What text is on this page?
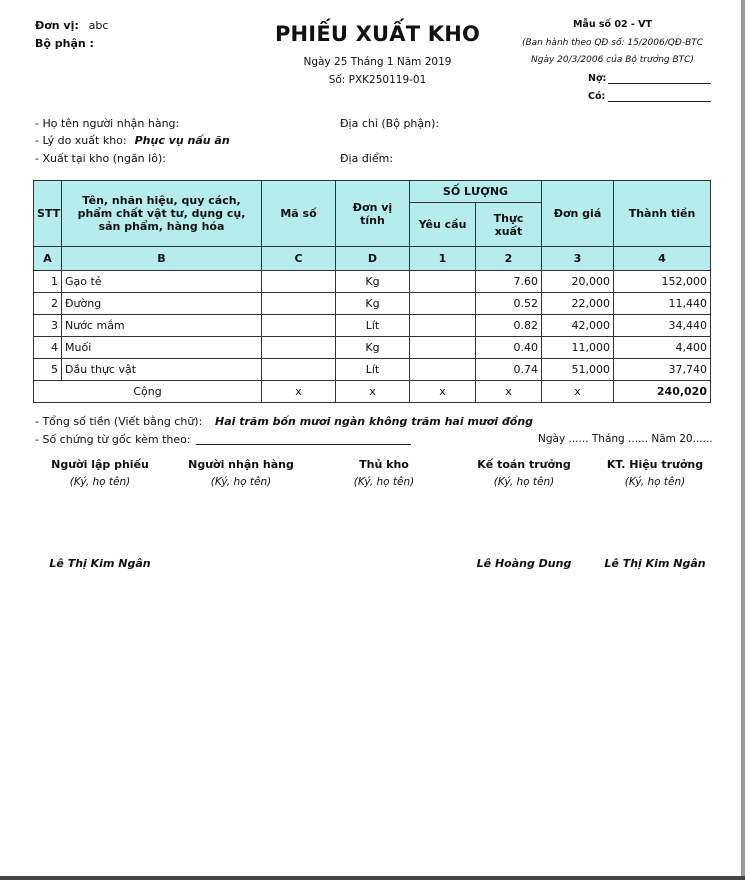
Đơn vị: abc
Bộ phận :	PHIẾU XUẤT KHO
Ngày 25 Tháng 1 Năm 2019
Số: PXK250119-01
Mẫu số 02 - VT
(Ban hành theo QĐ số: 15/2006/QĐ-BTC
Ngày 20/3/2006 của Bộ trưởng BTC)
Nợ:
Có:
- Họ tên người nhận hàng:	Địa chỉ (Bộ phận):
- Lý do xuất kho: Phục vụ nấu ăn
- Xuất tại kho (ngăn lô):	Địa điểm:
STT	Tên, nhãn hiệu, quy cách, phẩm chất vật tư, dụng cụ, sản phẩm, hàng hóa	Mã số	Đơn vị tính	SỐ LƯỢNG		Đơn giá	Thành tiền
				Yêu cầu	Thực xuất		
A	B	C	D	1	2	3	4
1	Gạo tẻ		Kg		7.60	20,000	152,000
2	Đường		Kg		0.52	22,000	11,440
3	Nước mắm		Lít		0.82	42,000	34,440
4	Muối		Kg		0.40	11,000	4,400
5	Dầu thực vật		Lít		0.74	51,000	37,740
Cộng		x	x	x	x	x	240,020
- Tổng số tiền (Viết bằng chữ): Hai trăm bốn mươi ngàn không trăm hai mươi đồng
- Số chứng từ gốc kèm theo:	Ngày ...... Tháng ...... Năm 20......
Người lập phiếu	Người nhận hàng	Thủ kho	Kế toán trưởng	KT. Hiệu trưởng
(Ký, họ tên)	(Ký, họ tên)	(Ký, họ tên)	(Ký, họ tên)	(Ký, họ tên)
Lê Thị Kim Ngân	Lê Hoàng Dung	Lê Thị Kim Ngân
